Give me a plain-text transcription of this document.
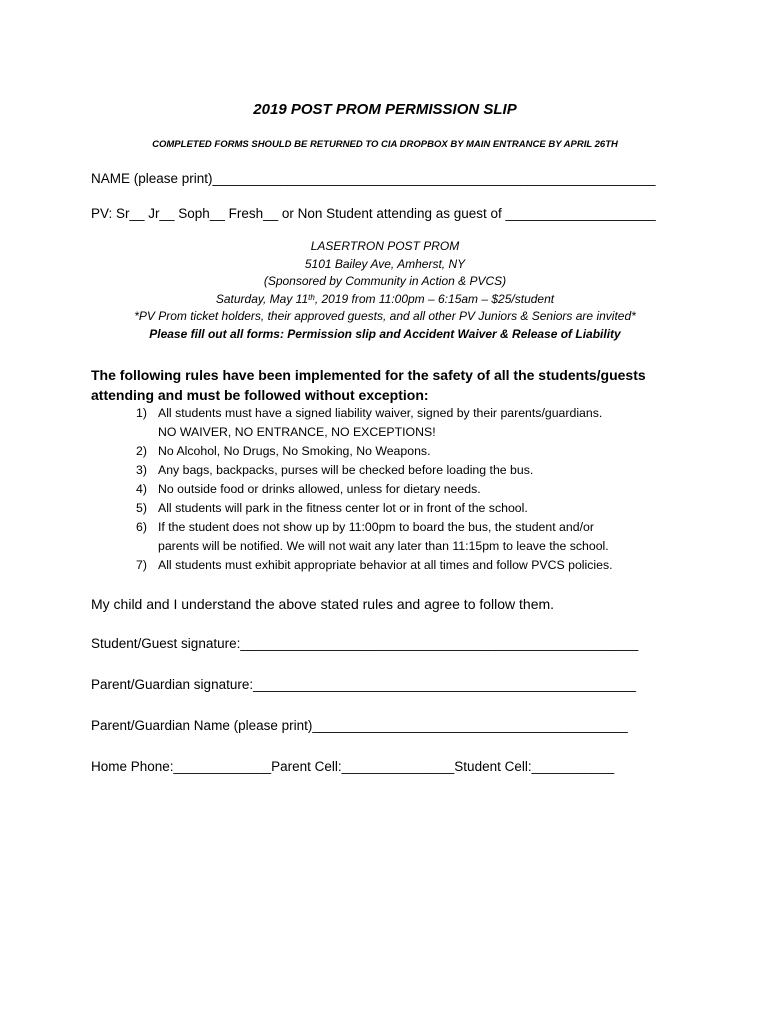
2019 POST PROM PERMISSION SLIP
COMPLETED FORMS SHOULD BE RETURNED TO CIA DROPBOX BY MAIN ENTRANCE BY APRIL 26TH
NAME (please print)___________________________________________________________
PV: Sr__ Jr__ Soph__ Fresh__ or Non Student attending as guest of ____________________
LASERTRON POST PROM
5101 Bailey Ave, Amherst, NY
(Sponsored by Community in Action & PVCS)
Saturday, May 11th, 2019 from 11:00pm – 6:15am – $25/student
*PV Prom ticket holders, their approved guests, and all other PV Juniors & Seniors are invited*
Please fill out all forms: Permission slip and Accident Waiver & Release of Liability
The following rules have been implemented for the safety of all the students/guests
attending and must be followed without exception:
1) All students must have a signed liability waiver, signed by their parents/guardians.
NO WAIVER, NO ENTRANCE, NO EXCEPTIONS!
2) No Alcohol, No Drugs, No Smoking, No Weapons.
3) Any bags, backpacks, purses will be checked before loading the bus.
4) No outside food or drinks allowed, unless for dietary needs.
5) All students will park in the fitness center lot or in front of the school.
6) If the student does not show up by 11:00pm to board the bus, the student and/or
parents will be notified. We will not wait any later than 11:15pm to leave the school.
7) All students must exhibit appropriate behavior at all times and follow PVCS policies.
My child and I understand the above stated rules and agree to follow them.
Student/Guest signature:_____________________________________________________
Parent/Guardian signature:___________________________________________________
Parent/Guardian Name (please print)__________________________________________
Home Phone:_____________Parent Cell:_______________Student Cell:___________
